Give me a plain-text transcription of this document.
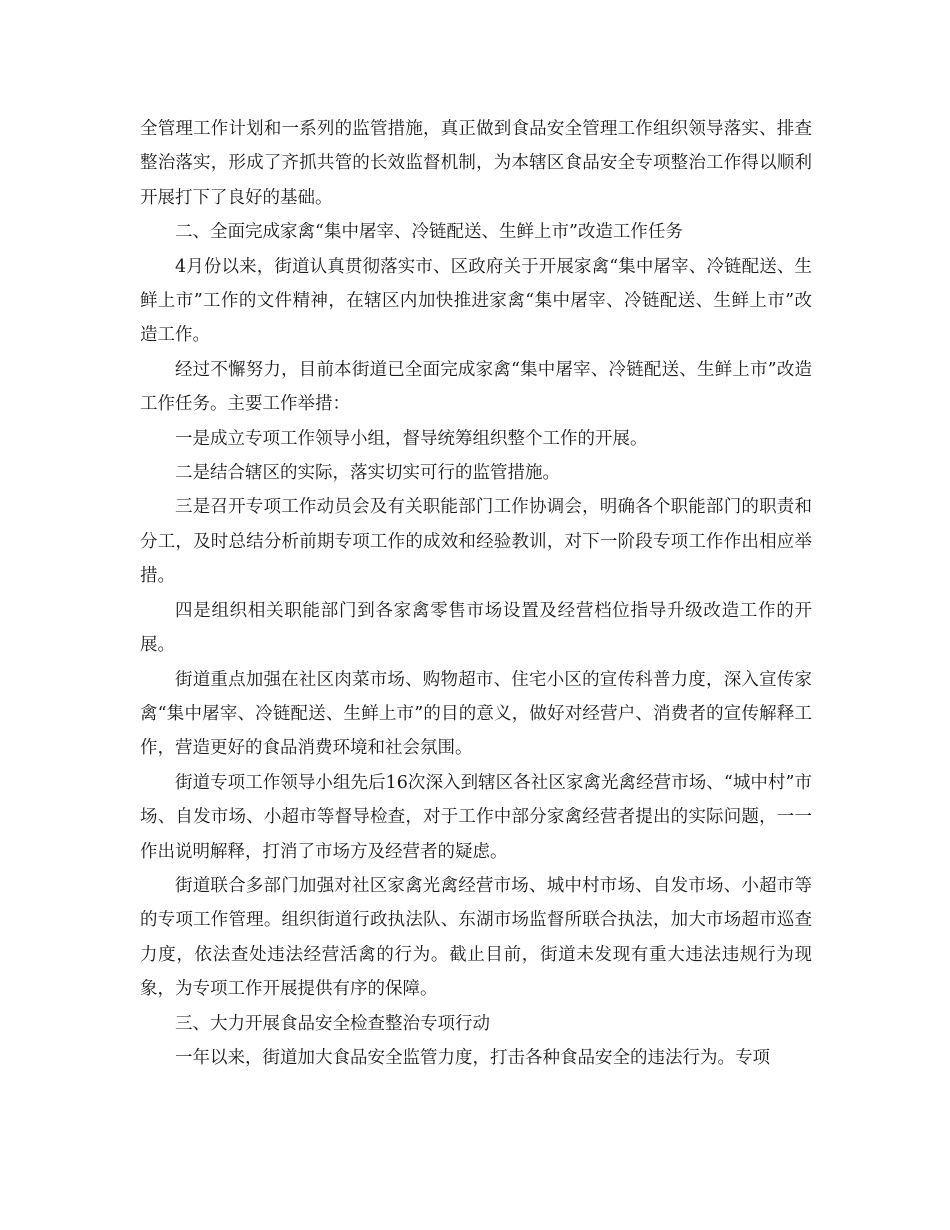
全管理工作计划和一系列的监管措施，真正做到食品安全管理工作组织领导落实、排查整治落实，形成了齐抓共管的长效监督机制，为本辖区食品安全专项整治工作得以顺利开展打下了良好的基础。

二、全面完成家禽“集中屠宰、冷链配送、生鲜上市”改造工作任务

4月份以来，街道认真贯彻落实市、区政府关于开展家禽“集中屠宰、冷链配送、生鲜上市”工作的文件精神，在辖区内加快推进家禽“集中屠宰、冷链配送、生鲜上市”改造工作。

经过不懈努力，目前本街道已全面完成家禽“集中屠宰、冷链配送、生鲜上市”改造工作任务。主要工作举措：

一是成立专项工作领导小组，督导统筹组织整个工作的开展。

二是结合辖区的实际，落实切实可行的监管措施。

三是召开专项工作动员会及有关职能部门工作协调会，明确各个职能部门的职责和分工，及时总结分析前期专项工作的成效和经验教训，对下一阶段专项工作作出相应举措。

四是组织相关职能部门到各家禽零售市场设置及经营档位指导升级改造工作的开展。

街道重点加强在社区肉菜市场、购物超市、住宅小区的宣传科普力度，深入宣传家禽“集中屠宰、冷链配送、生鲜上市”的目的意义，做好对经营户、消费者的宣传解释工作，营造更好的食品消费环境和社会氛围。

街道专项工作领导小组先后16次深入到辖区各社区家禽光禽经营市场、“城中村”市场、自发市场、小超市等督导检查，对于工作中部分家禽经营者提出的实际问题，一一作出说明解释，打消了市场方及经营者的疑虑。

街道联合多部门加强对社区家禽光禽经营市场、城中村市场、自发市场、小超市等的专项工作管理。组织街道行政执法队、东湖市场监督所联合执法，加大市场超市巡查力度，依法查处违法经营活禽的行为。截止目前，街道未发现有重大违法违规行为现象，为专项工作开展提供有序的保障。

三、大力开展食品安全检查整治专项行动

一年以来，街道加大食品安全监管力度，打击各种食品安全的违法行为。专项
